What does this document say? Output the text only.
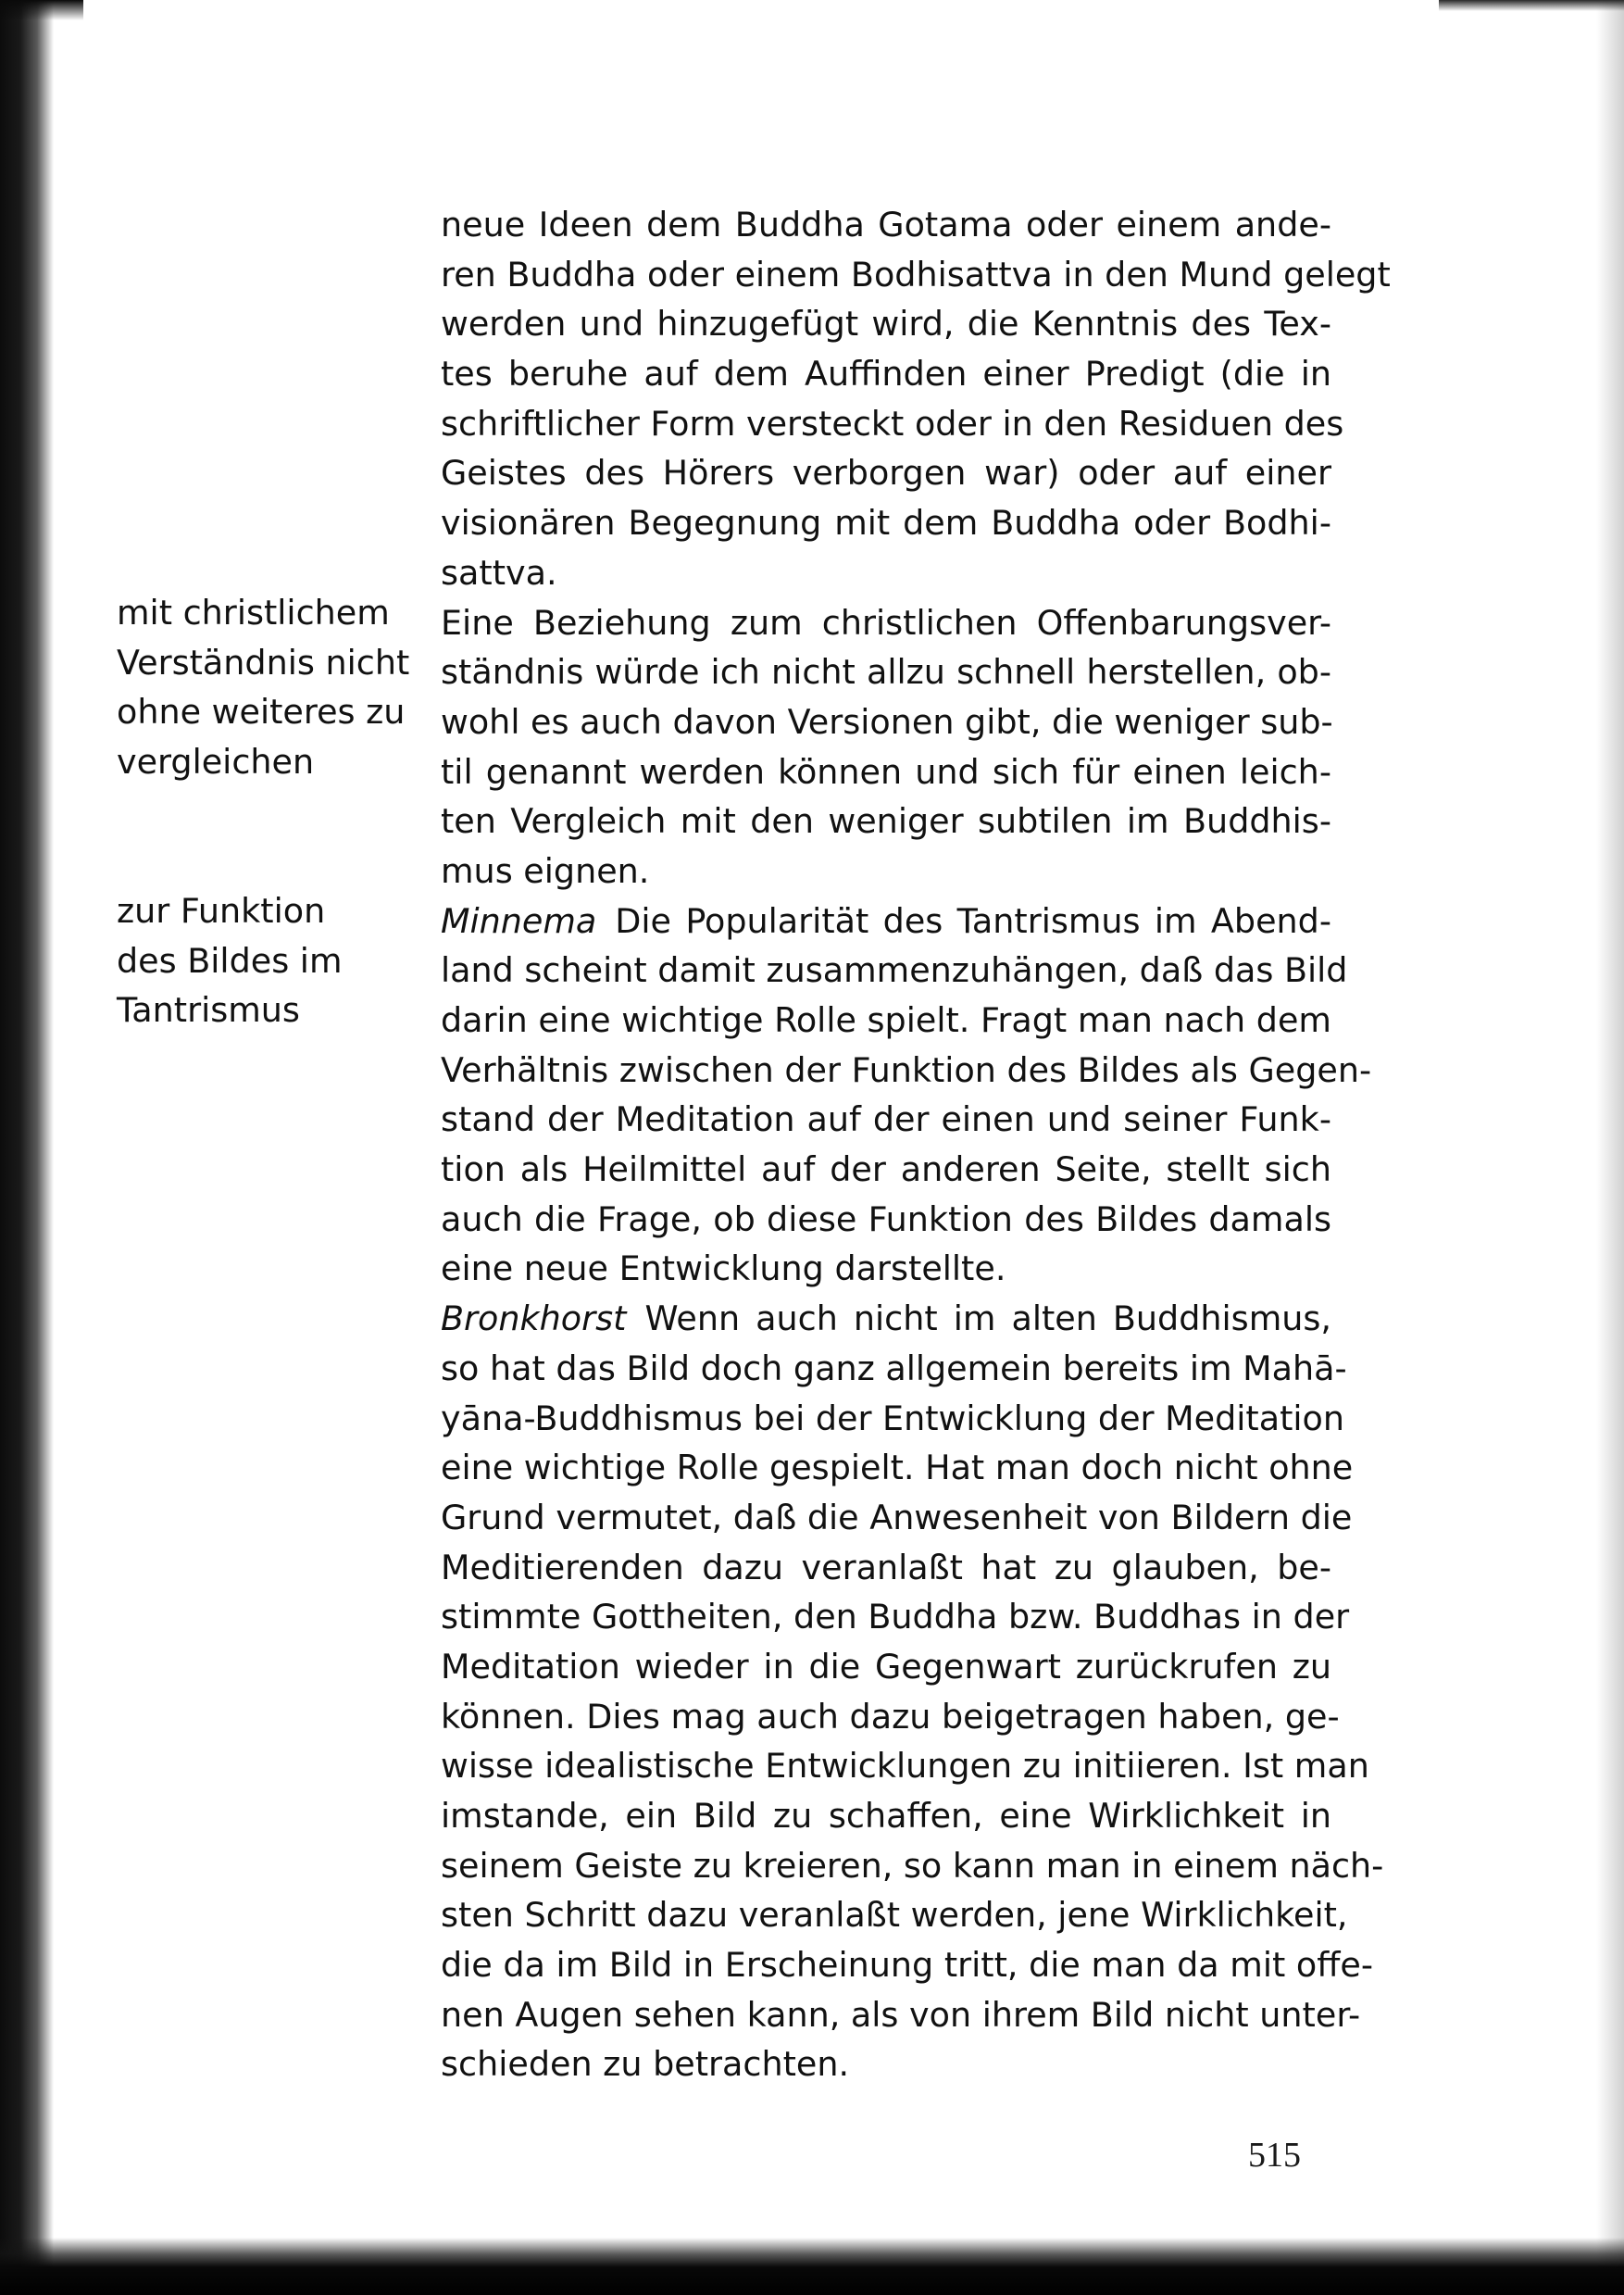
mit christlichem
Verständnis nicht
ohne weiteres zu
vergleichen
zur Funktion
des Bildes im
Tantrismus
neue Ideen dem Buddha Gotama oder einem ande-
ren Buddha oder einem Bodhisattva in den Mund gelegt
werden und hinzugefügt wird, die Kenntnis des Tex-
tes beruhe auf dem Auffinden einer Predigt (die in
schriftlicher Form versteckt oder in den Residuen des
Geistes des Hörers verborgen war) oder auf einer
visionären Begegnung mit dem Buddha oder Bodhi-
sattva.
Eine Beziehung zum christlichen Offenbarungsver-
ständnis würde ich nicht allzu schnell herstellen, ob-
wohl es auch davon Versionen gibt, die weniger sub-
til genannt werden können und sich für einen leich-
ten Vergleich mit den weniger subtilen im Buddhis-
mus eignen.
Minnema Die Popularität des Tantrismus im Abend-
land scheint damit zusammenzuhängen, daß das Bild
darin eine wichtige Rolle spielt. Fragt man nach dem
Verhältnis zwischen der Funktion des Bildes als Gegen-
stand der Meditation auf der einen und seiner Funk-
tion als Heilmittel auf der anderen Seite, stellt sich
auch die Frage, ob diese Funktion des Bildes damals
eine neue Entwicklung darstellte.
Bronkhorst Wenn auch nicht im alten Buddhismus,
so hat das Bild doch ganz allgemein bereits im Mahā-
yāna-Buddhismus bei der Entwicklung der Meditation
eine wichtige Rolle gespielt. Hat man doch nicht ohne
Grund vermutet, daß die Anwesenheit von Bildern die
Meditierenden dazu veranlaßt hat zu glauben, be-
stimmte Gottheiten, den Buddha bzw. Buddhas in der
Meditation wieder in die Gegenwart zurückrufen zu
können. Dies mag auch dazu beigetragen haben, ge-
wisse idealistische Entwicklungen zu initiieren. Ist man
imstande, ein Bild zu schaffen, eine Wirklichkeit in
seinem Geiste zu kreieren, so kann man in einem näch-
sten Schritt dazu veranlaßt werden, jene Wirklichkeit,
die da im Bild in Erscheinung tritt, die man da mit offe-
nen Augen sehen kann, als von ihrem Bild nicht unter-
schieden zu betrachten.
515
